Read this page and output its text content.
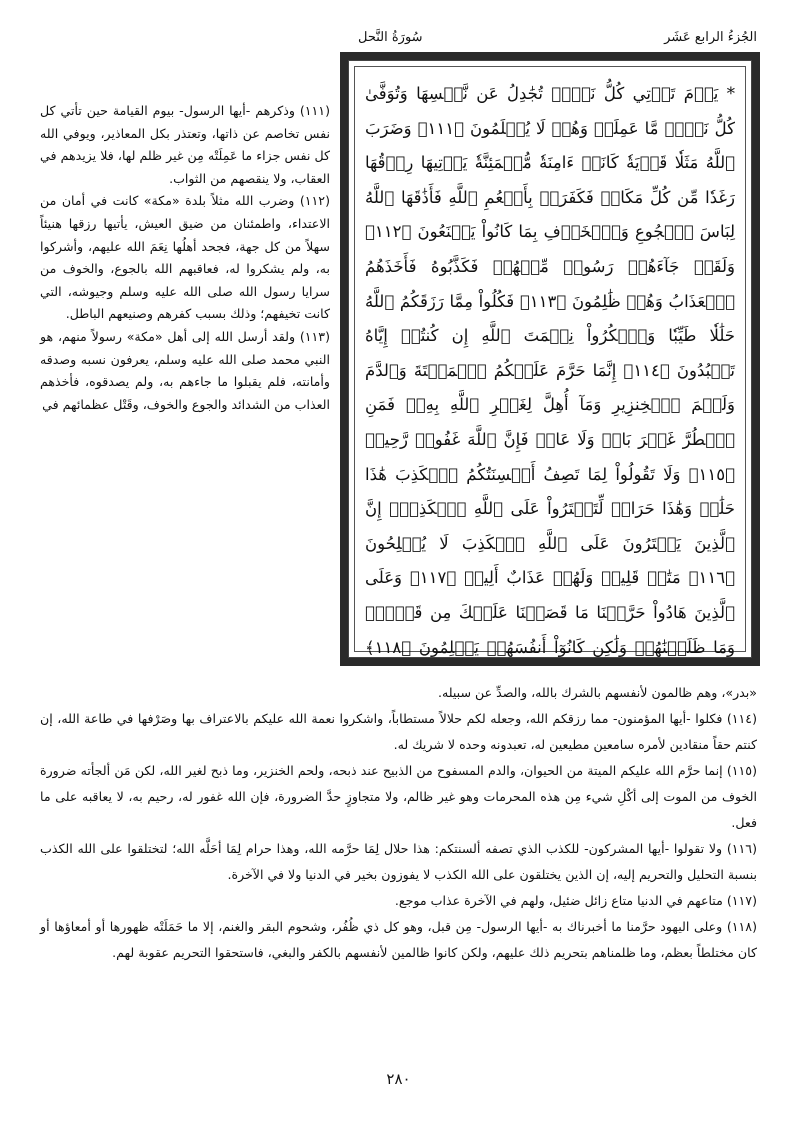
الجُزءُ الرابع عَشَر
سُورَةُ النَّحل

* يَوۡمَ تَأۡتِي كُلُّ نَفۡسٖ تُجَٰدِلُ عَن نَّفۡسِهَا وَتُوَفَّىٰ كُلُّ نَفۡسٖ مَّا عَمِلَتۡ وَهُمۡ لَا يُظۡلَمُونَ ﴿١١١﴾ وَضَرَبَ ٱللَّهُ مَثَلٗا قَرۡيَةٗ كَانَتۡ ءَامِنَةٗ مُّطۡمَئِنَّةٗ يَأۡتِيهَا رِزۡقُهَا رَغَدٗا مِّن كُلِّ مَكَانٖ فَكَفَرَتۡ بِأَنۡعُمِ ٱللَّهِ فَأَذَٰقَهَا ٱللَّهُ لِبَاسَ ٱلۡجُوعِ وَٱلۡخَوۡفِ بِمَا كَانُواْ يَصۡنَعُونَ ﴿١١٢﴾ وَلَقَدۡ جَآءَهُمۡ رَسُولٞ مِّنۡهُمۡ فَكَذَّبُوهُ فَأَخَذَهُمُ ٱلۡعَذَابُ وَهُمۡ ظَٰلِمُونَ ﴿١١٣﴾ فَكُلُواْ مِمَّا رَزَقَكُمُ ٱللَّهُ حَلَٰلٗا طَيِّبٗا وَٱشۡكُرُواْ نِعۡمَتَ ٱللَّهِ إِن كُنتُمۡ إِيَّاهُ تَعۡبُدُونَ ﴿١١٤﴾ إِنَّمَا حَرَّمَ عَلَيۡكُمُ ٱلۡمَيۡتَةَ وَٱلدَّمَ وَلَحۡمَ ٱلۡخِنزِيرِ وَمَآ أُهِلَّ لِغَيۡرِ ٱللَّهِ بِهِۦۖ فَمَنِ ٱضۡطُرَّ غَيۡرَ بَاغٖ وَلَا عَادٖ فَإِنَّ ٱللَّهَ غَفُورٞ رَّحِيمٞ ﴿١١٥﴾ وَلَا تَقُولُواْ لِمَا تَصِفُ أَلۡسِنَتُكُمُ ٱلۡكَذِبَ هَٰذَا حَلَٰلٞ وَهَٰذَا حَرَامٞ لِّتَفۡتَرُواْ عَلَى ٱللَّهِ ٱلۡكَذِبَۚ إِنَّ ٱلَّذِينَ يَفۡتَرُونَ عَلَى ٱللَّهِ ٱلۡكَذِبَ لَا يُفۡلِحُونَ ﴿١١٦﴾ مَتَٰعٞ قَلِيلٞ وَلَهُمۡ عَذَابٌ أَلِيمٞ ﴿١١٧﴾ وَعَلَى ٱلَّذِينَ هَادُواْ حَرَّمۡنَا مَا قَصَصۡنَا عَلَيۡكَ مِن قَبۡلُۖ وَمَا ظَلَمۡنَٰهُمۡ وَلَٰكِن كَانُوٓاْ أَنفُسَهُمۡ يَظۡلِمُونَ ﴿١١٨﴾

(١١١) وذكرهم -أيها الرسول- بيوم القيامة حين تأتي كل نفس تخاصم عن ذاتها، وتعتذر بكل المعاذير، ويوفي الله كل نفس جزاء ما عَمِلَتْه مِن غير ظلم لها، فلا يزيدهم في العقاب، ولا ينقصهم من الثواب.

(١١٢) وضرب الله مثلاً بلدة «مكة» كانت في أمان من الاعتداء، واطمئنان من ضيق العيش، يأتيها رزقها هنيئاً سهلاً من كل جهة، فجحد أهلُها نِعَمَ الله عليهم، وأشركوا به، ولم يشكروا له، فعاقبهم الله بالجوع، والخوف من سرايا رسول الله صلى الله عليه وسلم وجيوشه، التي كانت تخيفهم؛ وذلك بسبب كفرهم وصنيعهم الباطل.

(١١٣) ولقد أرسل الله إلى أهل «مكة» رسولاً منهم، هو النبي محمد صلى الله عليه وسلم، يعرفون نسبه وصدقه وأمانته، فلم يقبلوا ما جاءهم به، ولم يصدقوه، فأخذهم العذاب من الشدائد والجوع والخوف، وقَتْل عظمائهم في

«بدر»، وهم ظالمون لأنفسهم بالشرك بالله، والصدِّ عن سبيله.

(١١٤) فكلوا -أيها المؤمنون- مما رزقكم الله، وجعله لكم حلالاً مستطاباً، واشكروا نعمة الله عليكم بالاعتراف بها وصَرْفها في طاعة الله، إن كنتم حقاً منقادين لأمره سامعين مطيعين له، تعبدونه وحده لا شريك له.

(١١٥) إنما حرَّم الله عليكم الميتة من الحيوان، والدم المسفوح من الذبيح عند ذبحه، ولحم الخنزير، وما ذبح لغير الله، لكن مَن ألجأته ضرورة الخوف من الموت إلى أكْلِ شيء مِن هذه المحرمات وهو غير ظالم، ولا متجاوزٍ حدَّ الضرورة، فإن الله غفور له، رحيم به، لا يعاقبه على ما فعل.

(١١٦) ولا تقولوا -أيها المشركون- للكذب الذي تصفه ألسنتكم: هذا حلال لِمَا حرَّمه الله، وهذا حرام لِمَا أحَلَّه الله؛ لتختلقوا على الله الكذب بنسبة التحليل والتحريم إليه، إن الذين يختلقون على الله الكذب لا يفوزون بخير في الدنيا ولا في الآخرة.

(١١٧) متاعهم في الدنيا متاع زائل ضئيل، ولهم في الآخرة عذاب موجع.

(١١٨) وعلى اليهود حرَّمنا ما أخبرناك به -أيها الرسول- مِن قبل، وهو كل ذي ظُفُر، وشحوم البقر والغنم، إلا ما حَمَلَتْه ظهورها أو أمعاؤها أو كان مختلطاً بعظم، وما ظلمناهم بتحريم ذلك عليهم، ولكن كانوا ظالمين لأنفسهم بالكفر والبغي، فاستحقوا التحريم عقوبة لهم.

٢٨٠
